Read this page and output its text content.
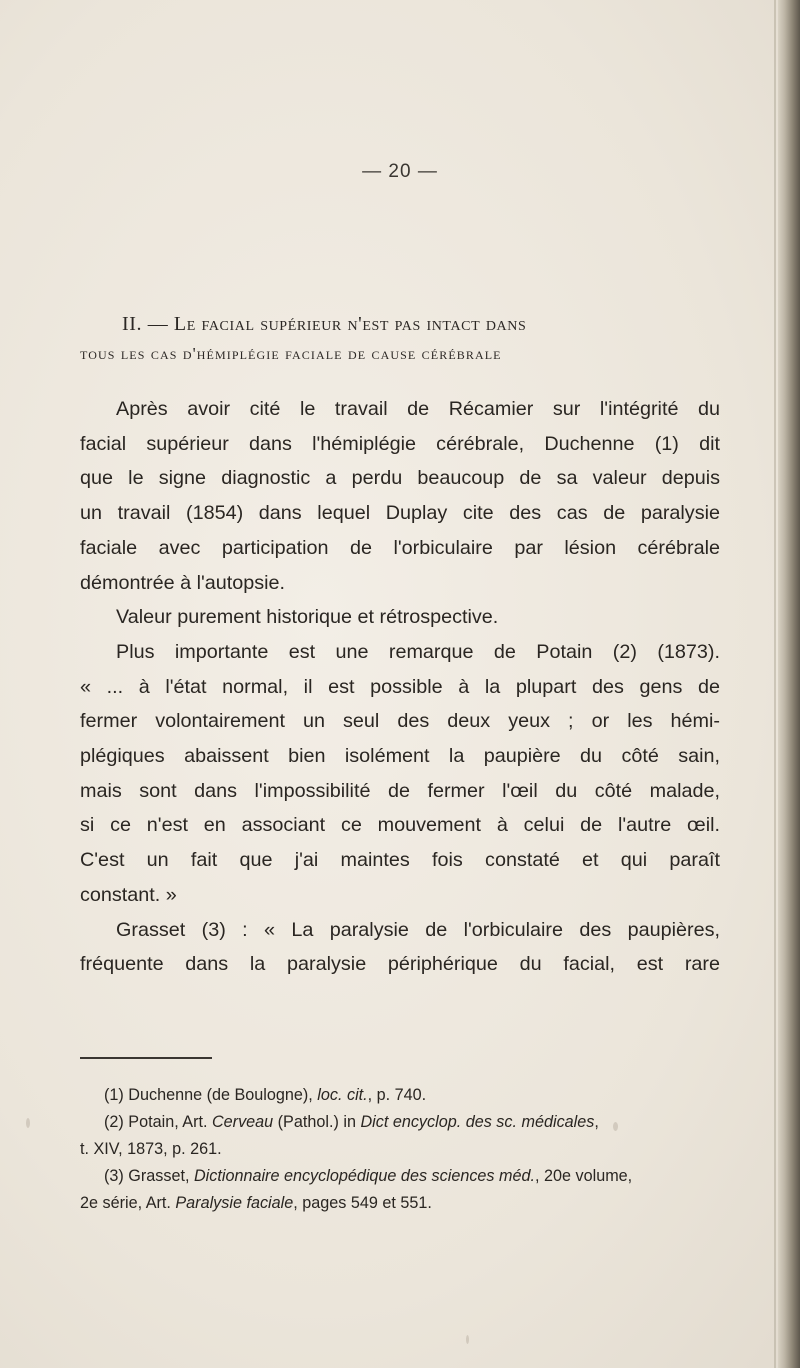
— 20 —
II. — Le facial supérieur n'est pas intact dans
tous les cas d'hémiplégie faciale de cause cérébrale

Après avoir cité le travail de Récamier sur l'intégrité du

facial supérieur dans l'hémiplégie cérébrale, Duchenne (1) dit

que le signe diagnostic a perdu beaucoup de sa valeur depuis

un travail (1854) dans lequel Duplay cite des cas de paralysie

faciale avec participation de l'orbiculaire par lésion cérébrale

démontrée à l'autopsie.

Valeur purement historique et rétrospective.

Plus importante est une remarque de Potain (2) (1873).

« ... à l'état normal, il est possible à la plupart des gens de

fermer volontairement un seul des deux yeux ; or les hémi-

plégiques abaissent bien isolément la paupière du côté sain,

mais sont dans l'impossibilité de fermer l'œil du côté malade,

si ce n'est en associant ce mouvement à celui de l'autre œil.

C'est un fait que j'ai maintes fois constaté et qui paraît

constant. »

Grasset (3) : « La paralysie de l'orbiculaire des paupières,

fréquente dans la paralysie périphérique du facial, est rare

(1) Duchenne (de Boulogne), loc. cit., p. 740.

(2) Potain, Art. Cerveau (Pathol.) in Dict encyclop. des sc. médicales,

t. XIV, 1873, p. 261.

(3) Grasset, Dictionnaire encyclopédique des sciences méd., 20e volume,

2e série, Art. Paralysie faciale, pages 549 et 551.
